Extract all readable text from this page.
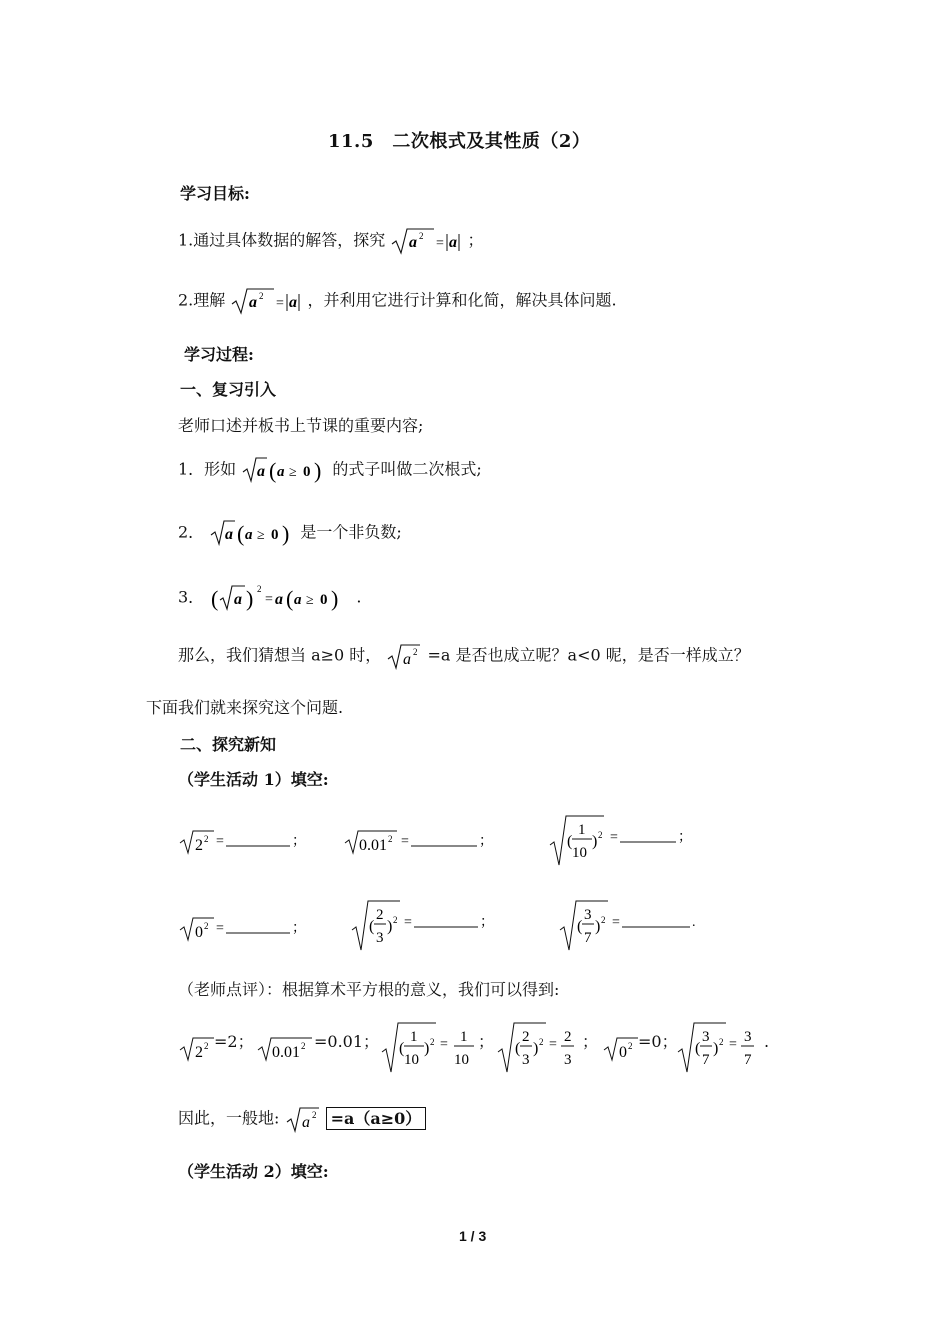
11.5　二次根式及其性质（2）
学习目标:
1.通过具体数据的解答，探究 a 2 = a ；
2.理解 a 2 = a ，并利用它进行计算和化简，解决具体问题.
学习过程:
一、复习引入
老师口述并板书上节课的重要内容;
1．形如 a ( a ≥ 0 ) 的式子叫做二次根式;
2． a ( a ≥ 0 ) 是一个非负数;
3． ( a ) 2
= a ( a ≥ 0 ) .
那么，我们猜想当 a≥0 时， a 2 =a 是否也成立呢？a<0 呢，是否一样成立？
下面我们就来探究这个问题.
二、探究新知
（学生活动 1）填空:
2 2 =	；	0.01 2 =	；	(
1
10
) 2 =	；
0 2 =	；	(
2
3
) 2 =	；	(
3
7
) 2 =	.
（老师点评）：根据算术平方根的意义，我们可以得到:
2 2 =2；
0.01 2 =0.01； (
1
10
) 2 = 1
10
； (
2
3
) 2 = 2
3
；
0 2 =0； (
3
7
) 2 = 3
7
.
因此，一般地: a 2 =a（a≥0）
（学生活动 2）填空:
1 / 3
